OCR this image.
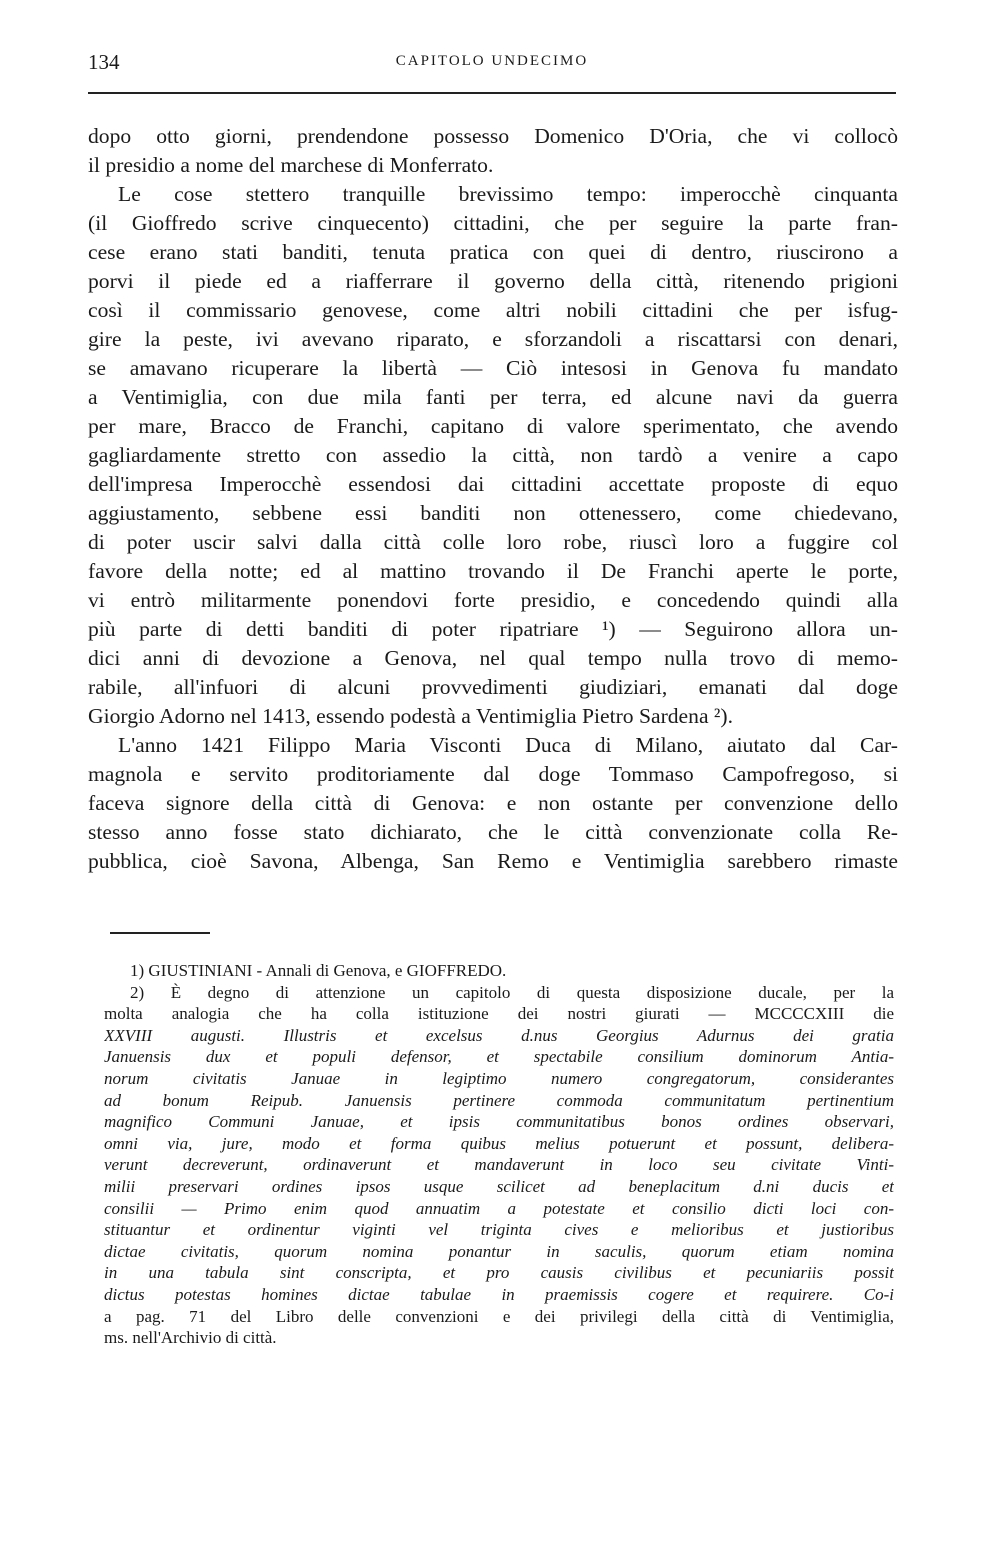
134	CAPITOLO UNDECIMO
dopo otto giorni, prendendone possesso Domenico D'Oria, che vi collocò
il presidio a nome del marchese di Monferrato.
Le cose stettero tranquille brevissimo tempo: imperocchè cinquanta
(il Gioffredo scrive cinquecento) cittadini, che per seguire la parte fran-
cese erano stati banditi, tenuta pratica con quei di dentro, riuscirono a
porvi il piede ed a riafferrare il governo della città, ritenendo prigioni
così il commissario genovese, come altri nobili cittadini che per isfug-
gire la peste, ivi avevano riparato, e sforzandoli a riscattarsi con denari,
se amavano ricuperare la libertà — Ciò intesosi in Genova fu mandato
a Ventimiglia, con due mila fanti per terra, ed alcune navi da guerra
per mare, Bracco de Franchi, capitano di valore sperimentato, che avendo
gagliardamente stretto con assedio la città, non tardò a venire a capo
dell'impresa Imperocchè essendosi dai cittadini accettate proposte di equo
aggiustamento, sebbene essi banditi non ottenessero, come chiedevano,
di poter uscir salvi dalla città colle loro robe, riuscì loro a fuggire col
favore della notte; ed al mattino trovando il De Franchi aperte le porte,
vi entrò militarmente ponendovi forte presidio, e concedendo quindi alla
più parte di detti banditi di poter ripatriare ¹) — Seguirono allora un-
dici anni di devozione a Genova, nel qual tempo nulla trovo di memo-
rabile, all'infuori di alcuni provvedimenti giudiziari, emanati dal doge
Giorgio Adorno nel 1413, essendo podestà a Ventimiglia Pietro Sardena ²).
L'anno 1421 Filippo Maria Visconti Duca di Milano, aiutato dal Car-
magnola e servito proditoriamente dal doge Tommaso Campofregoso, si
faceva signore della città di Genova: e non ostante per convenzione dello
stesso anno fosse stato dichiarato, che le città convenzionate colla Re-
pubblica, cioè Savona, Albenga, San Remo e Ventimiglia sarebbero rimaste
1) GIUSTINIANI - Annali di Genova, e GIOFFREDO.
2) È degno di attenzione un capitolo di questa disposizione ducale, per la
molta analogia che ha colla istituzione dei nostri giurati — MCCCCXIII die
XXVIII augusti. Illustris et excelsus d.nus Georgius Adurnus dei gratia
Januensis dux et populi defensor, et spectabile consilium dominorum Antia-
norum civitatis Januae in legiptimo numero congregatorum, considerantes
ad bonum Reipub. Januensis pertinere commoda communitatum pertinentium
magnifico Communi Januae, et ipsis communitatibus bonos ordines observari,
omni via, jure, modo et forma quibus melius potuerunt et possunt, delibera-
verunt decreverunt, ordinaverunt et mandaverunt in loco seu civitate Vinti-
milii preservari ordines ipsos usque scilicet ad beneplacitum d.ni ducis et
consilii — Primo enim quod annuatim a potestate et consilio dicti loci con-
stituantur et ordinentur viginti vel triginta cives e melioribus et justioribus
dictae civitatis, quorum nomina ponantur in saculis, quorum etiam nomina
in una tabula sint conscripta, et pro causis civilibus et pecuniariis possit
dictus potestas homines dictae tabulae in praemissis cogere et requirere. Co-i
a pag. 71 del Libro delle convenzioni e dei privilegi della città di Ventimiglia,
ms. nell'Archivio di città.
